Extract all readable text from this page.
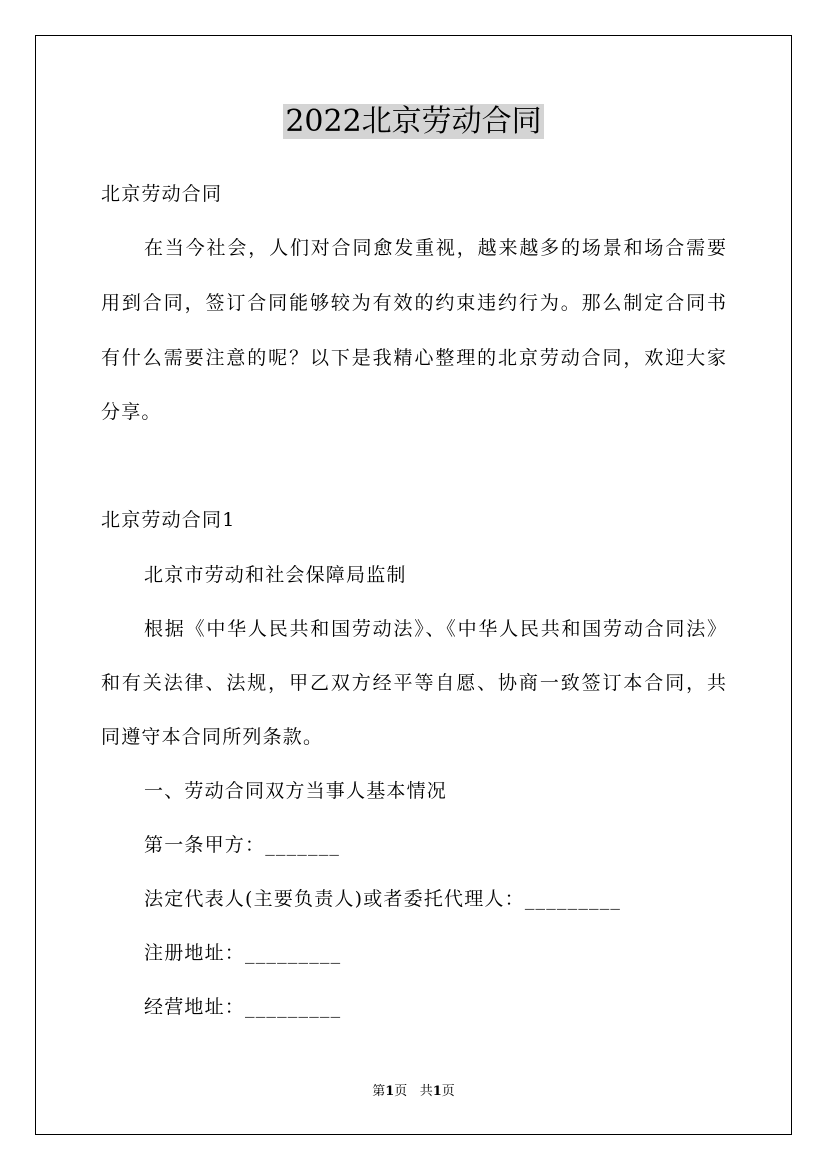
2022北京劳动合同

北京劳动合同

在当今社会，人们对合同愈发重视，越来越多的场景和场合需要

用到合同，签订合同能够较为有效的约束违约行为。那么制定合同书

有什么需要注意的呢？以下是我精心整理的北京劳动合同，欢迎大家

分享。

北京劳动合同1

北京市劳动和社会保障局监制

根据《中华人民共和国劳动法》、《中华人民共和国劳动合同法》

和有关法律、法规，甲乙双方经平等自愿、协商一致签订本合同，共

同遵守本合同所列条款。

一、劳动合同双方当事人基本情况

第一条甲方：_______

法定代表人(主要负责人)或者委托代理人：_________

注册地址：_________

经营地址：_________

第1页 共1页
